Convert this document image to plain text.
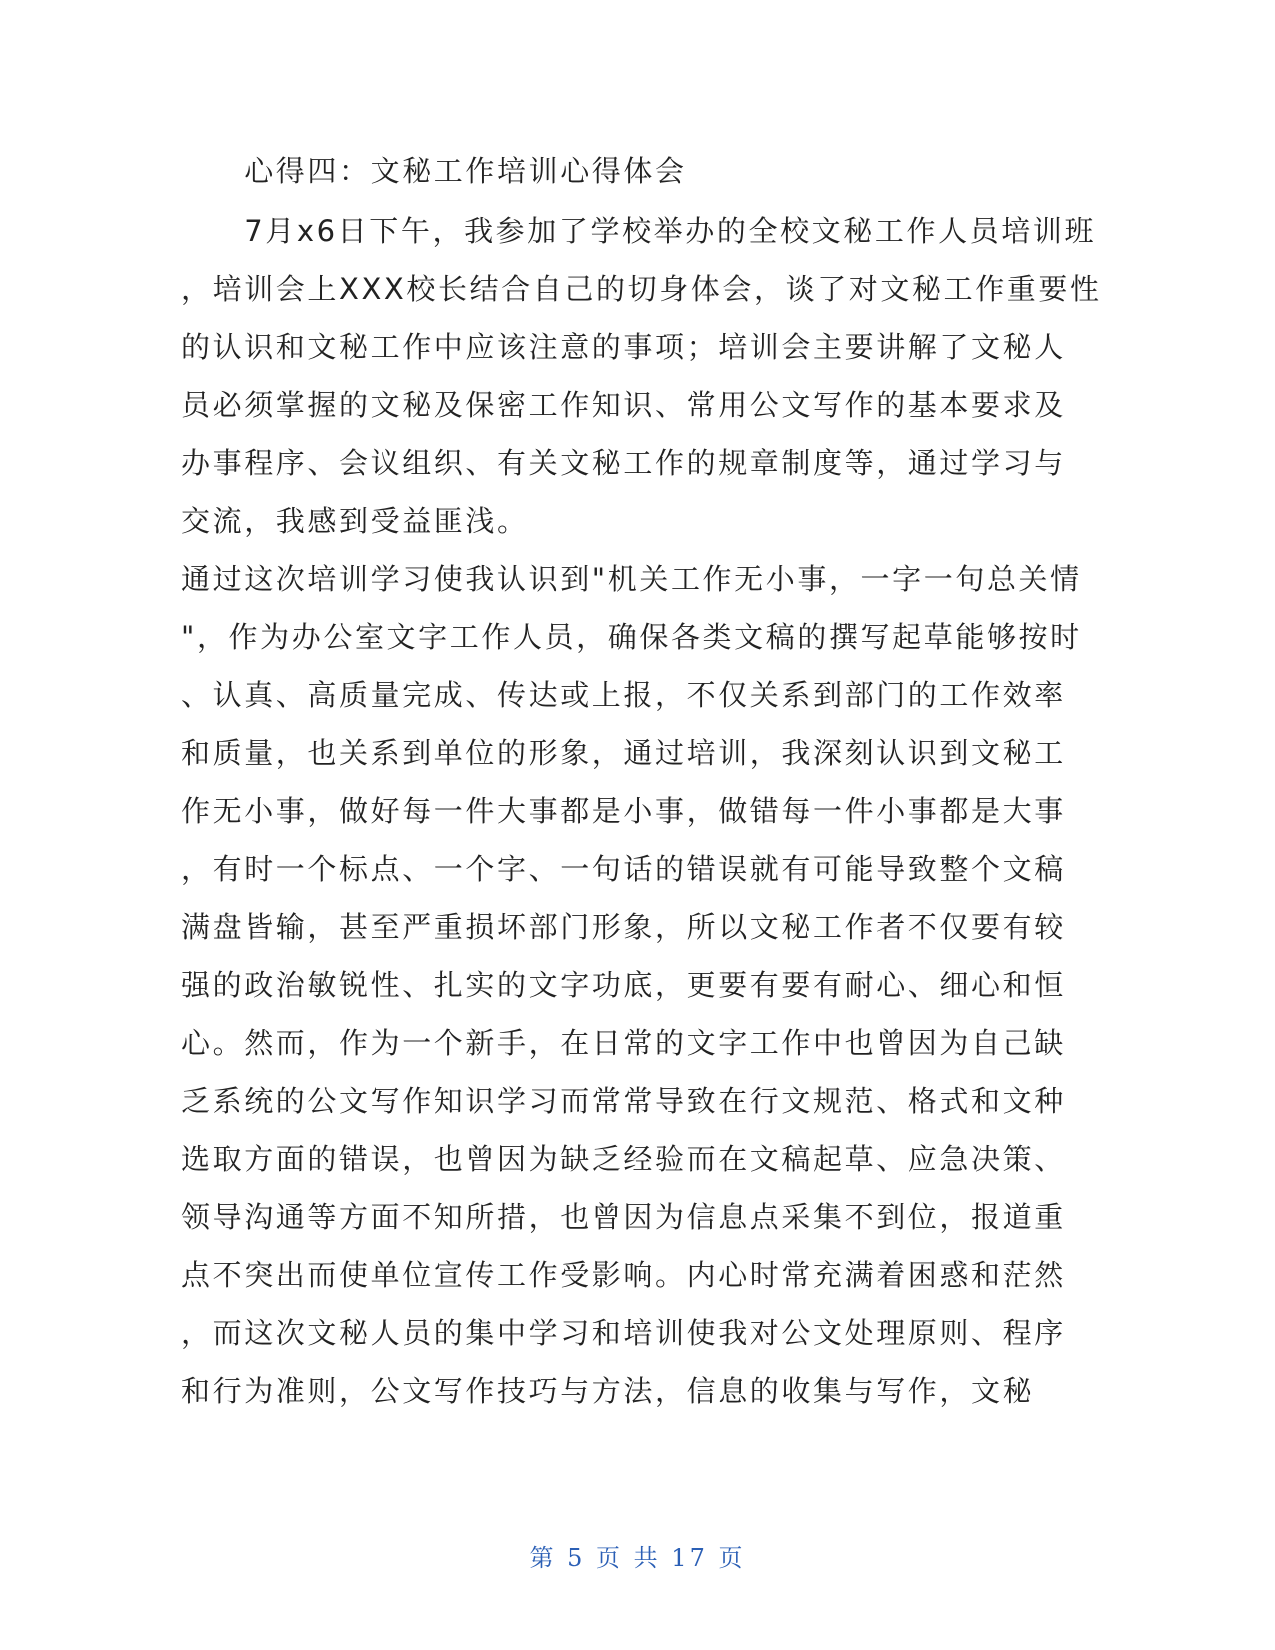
　　心得四：文秘工作培训心得体会
　　7月x6日下午，我参加了学校举办的全校文秘工作人员培训班
，培训会上XXX校长结合自己的切身体会，谈了对文秘工作重要性
的认识和文秘工作中应该注意的事项；培训会主要讲解了文秘人
员必须掌握的文秘及保密工作知识、常用公文写作的基本要求及
办事程序、会议组织、有关文秘工作的规章制度等，通过学习与
交流，我感到受益匪浅。
通过这次培训学习使我认识到"机关工作无小事，一字一句总关情
"，作为办公室文字工作人员，确保各类文稿的撰写起草能够按时
、认真、高质量完成、传达或上报，不仅关系到部门的工作效率
和质量，也关系到单位的形象，通过培训，我深刻认识到文秘工
作无小事，做好每一件大事都是小事，做错每一件小事都是大事
，有时一个标点、一个字、一句话的错误就有可能导致整个文稿
满盘皆输，甚至严重损坏部门形象，所以文秘工作者不仅要有较
强的政治敏锐性、扎实的文字功底，更要有要有耐心、细心和恒
心。然而，作为一个新手，在日常的文字工作中也曾因为自己缺
乏系统的公文写作知识学习而常常导致在行文规范、格式和文种
选取方面的错误，也曾因为缺乏经验而在文稿起草、应急决策、
领导沟通等方面不知所措，也曾因为信息点采集不到位，报道重
点不突出而使单位宣传工作受影响。内心时常充满着困惑和茫然
，而这次文秘人员的集中学习和培训使我对公文处理原则、程序
和行为准则，公文写作技巧与方法，信息的收集与写作，文秘
第 5 页 共 17 页
